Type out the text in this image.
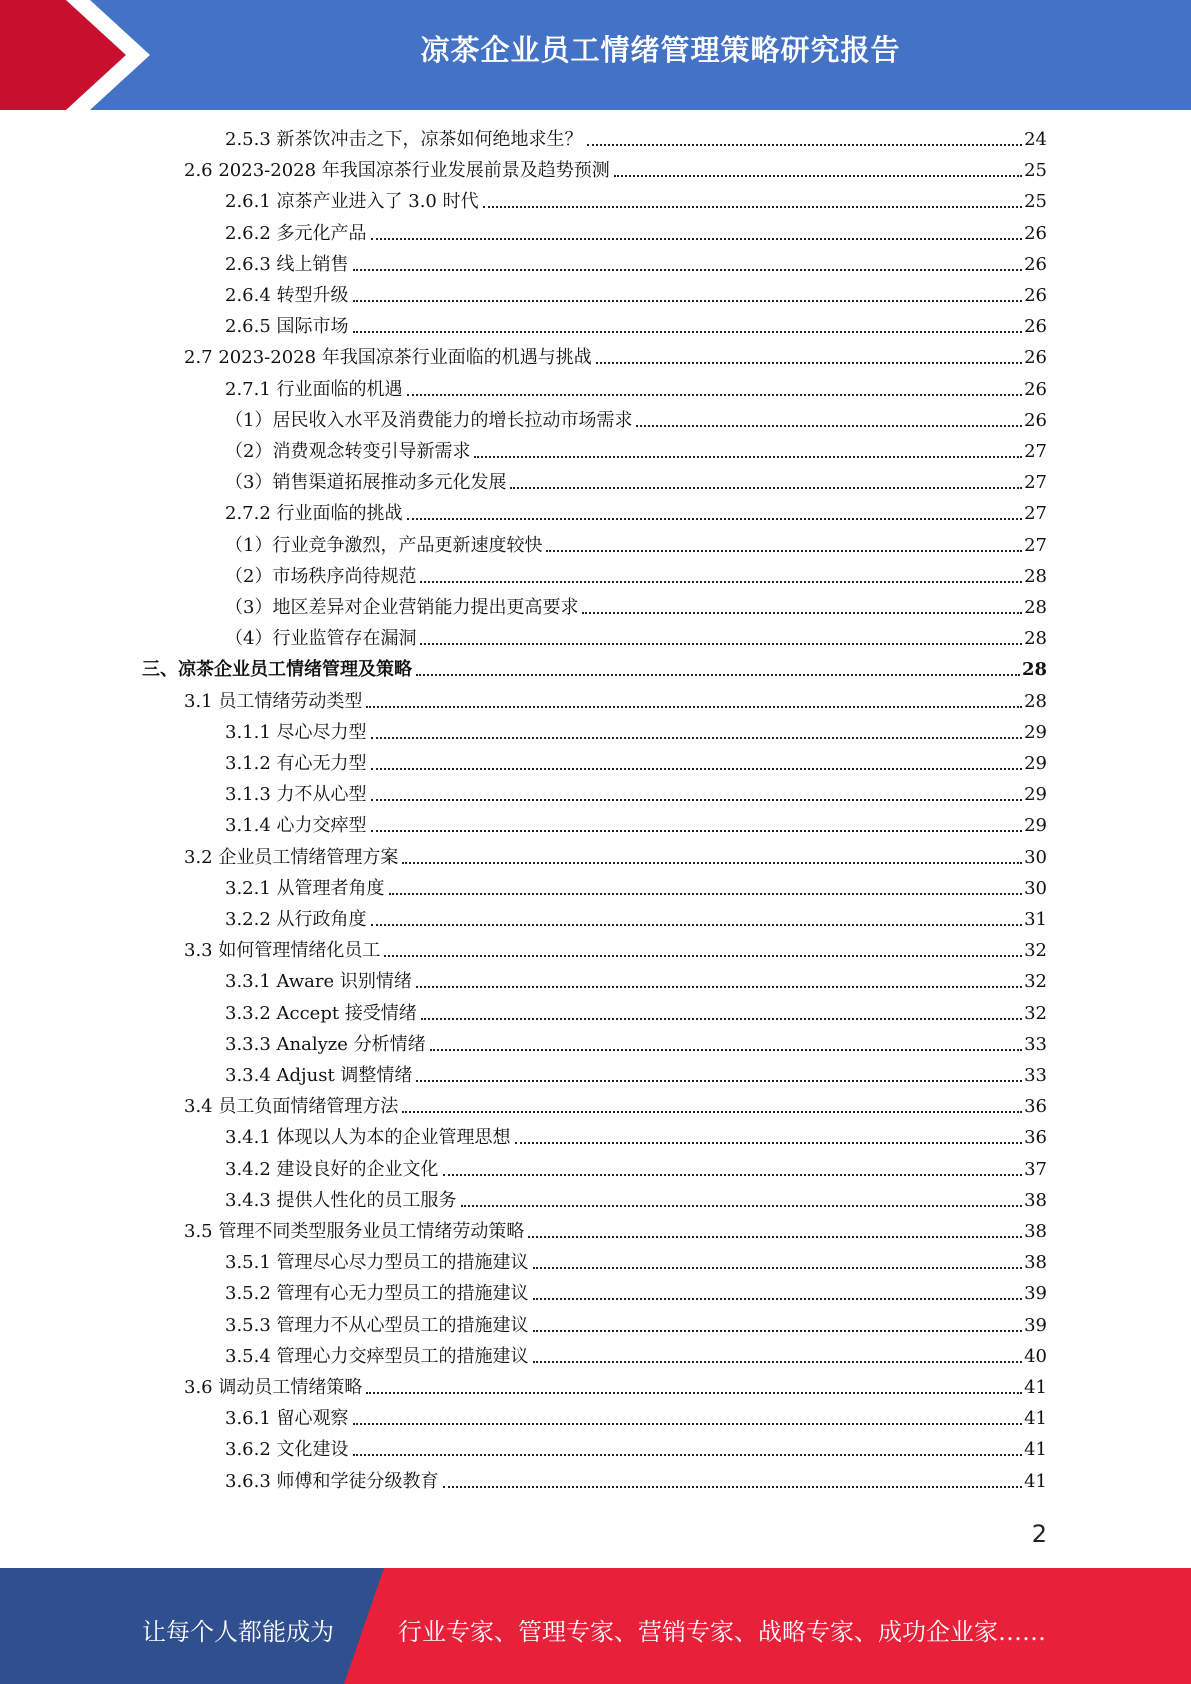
凉茶企业员工情绪管理策略研究报告
2.5.3 新茶饮冲击之下，凉茶如何绝地求生？	24
2.6 2023-2028 年我国凉茶行业发展前景及趋势预测	25
2.6.1 凉茶产业进入了 3.0 时代	25
2.6.2 多元化产品	26
2.6.3 线上销售	26
2.6.4 转型升级	26
2.6.5 国际市场	26
2.7 2023-2028 年我国凉茶行业面临的机遇与挑战	26
2.7.1 行业面临的机遇	26
（1）居民收入水平及消费能力的增长拉动市场需求	26
（2）消费观念转变引导新需求	27
（3）销售渠道拓展推动多元化发展	27
2.7.2 行业面临的挑战	27
（1）行业竞争激烈，产品更新速度较快	27
（2）市场秩序尚待规范	28
（3）地区差异对企业营销能力提出更高要求	28
（4）行业监管存在漏洞	28
三、凉茶企业员工情绪管理及策略	28
3.1 员工情绪劳动类型	28
3.1.1 尽心尽力型	29
3.1.2 有心无力型	29
3.1.3 力不从心型	29
3.1.4 心力交瘁型	29
3.2 企业员工情绪管理方案	30
3.2.1 从管理者角度	30
3.2.2 从行政角度	31
3.3 如何管理情绪化员工	32
3.3.1 Aware 识别情绪	32
3.3.2 Accept 接受情绪	32
3.3.3 Analyze 分析情绪	33
3.3.4 Adjust 调整情绪	33
3.4 员工负面情绪管理方法	36
3.4.1 体现以人为本的企业管理思想	36
3.4.2 建设良好的企业文化	37
3.4.3 提供人性化的员工服务	38
3.5 管理不同类型服务业员工情绪劳动策略	38
3.5.1 管理尽心尽力型员工的措施建议	38
3.5.2 管理有心无力型员工的措施建议	39
3.5.3 管理力不从心型员工的措施建议	39
3.5.4 管理心力交瘁型员工的措施建议	40
3.6 调动员工情绪策略	41
3.6.1 留心观察	41
3.6.2 文化建设	41
3.6.3 师傅和学徒分级教育	41
2
让每个人都能成为	行业专家、管理专家、营销专家、战略专家、成功企业家……
